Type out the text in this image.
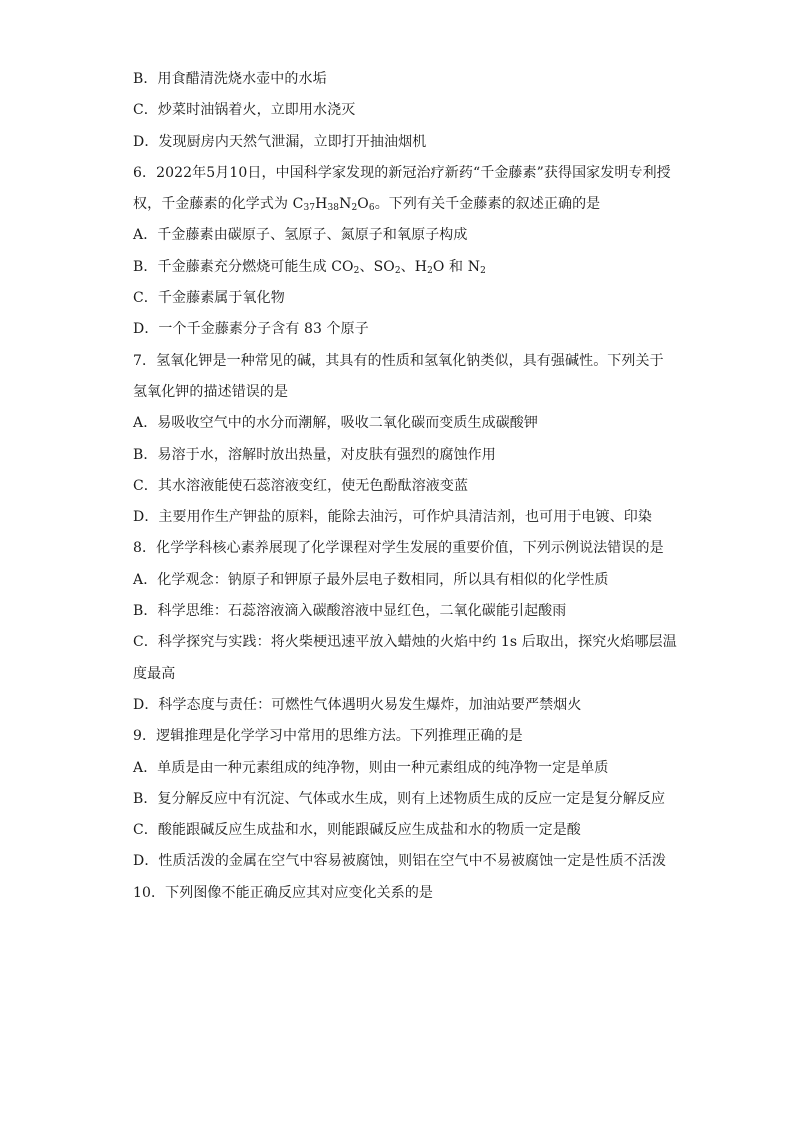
B．用食醋清洗烧水壶中的水垢
C．炒菜时油锅着火，立即用水浇灭
D．发现厨房内天然气泄漏，立即打开抽油烟机
6．2022年5月10日，中国科学家发现的新冠治疗新药“千金藤素”获得国家发明专利授
权，千金藤素的化学式为 $C_{37}H_{38}N_2O_6$。下列有关千金藤素的叙述正确的是
A．千金藤素由碳原子、氢原子、氮原子和氧原子构成
B．千金藤素充分燃烧可能生成 $CO_2$、$SO_2$、$H_2O$ 和 $N_2$
C．千金藤素属于氧化物
D．一个千金藤素分子含有 83 个原子
7．氢氧化钾是一种常见的碱，其具有的性质和氢氧化钠类似，具有强碱性。下列关于
氢氧化钾的描述错误的是
A．易吸收空气中的水分而潮解，吸收二氧化碳而变质生成碳酸钾
B．易溶于水，溶解时放出热量，对皮肤有强烈的腐蚀作用
C．其水溶液能使石蕊溶液变红，使无色酚酞溶液变蓝
D．主要用作生产钾盐的原料，能除去油污，可作炉具清洁剂，也可用于电镀、印染
8．化学学科核心素养展现了化学课程对学生发展的重要价值，下列示例说法错误的是
A．化学观念：钠原子和钾原子最外层电子数相同，所以具有相似的化学性质
B．科学思维：石蕊溶液滴入碳酸溶液中显红色，二氧化碳能引起酸雨
C．科学探究与实践：将火柴梗迅速平放入蜡烛的火焰中约 1s 后取出，探究火焰哪层温
度最高
D．科学态度与责任：可燃性气体遇明火易发生爆炸，加油站要严禁烟火
9．逻辑推理是化学学习中常用的思维方法。下列推理正确的是
A．单质是由一种元素组成的纯净物，则由一种元素组成的纯净物一定是单质
B．复分解反应中有沉淀、气体或水生成，则有上述物质生成的反应一定是复分解反应
C．酸能跟碱反应生成盐和水，则能跟碱反应生成盐和水的物质一定是酸
D．性质活泼的金属在空气中容易被腐蚀，则铝在空气中不易被腐蚀一定是性质不活泼
10．下列图像不能正确反应其对应变化关系的是
